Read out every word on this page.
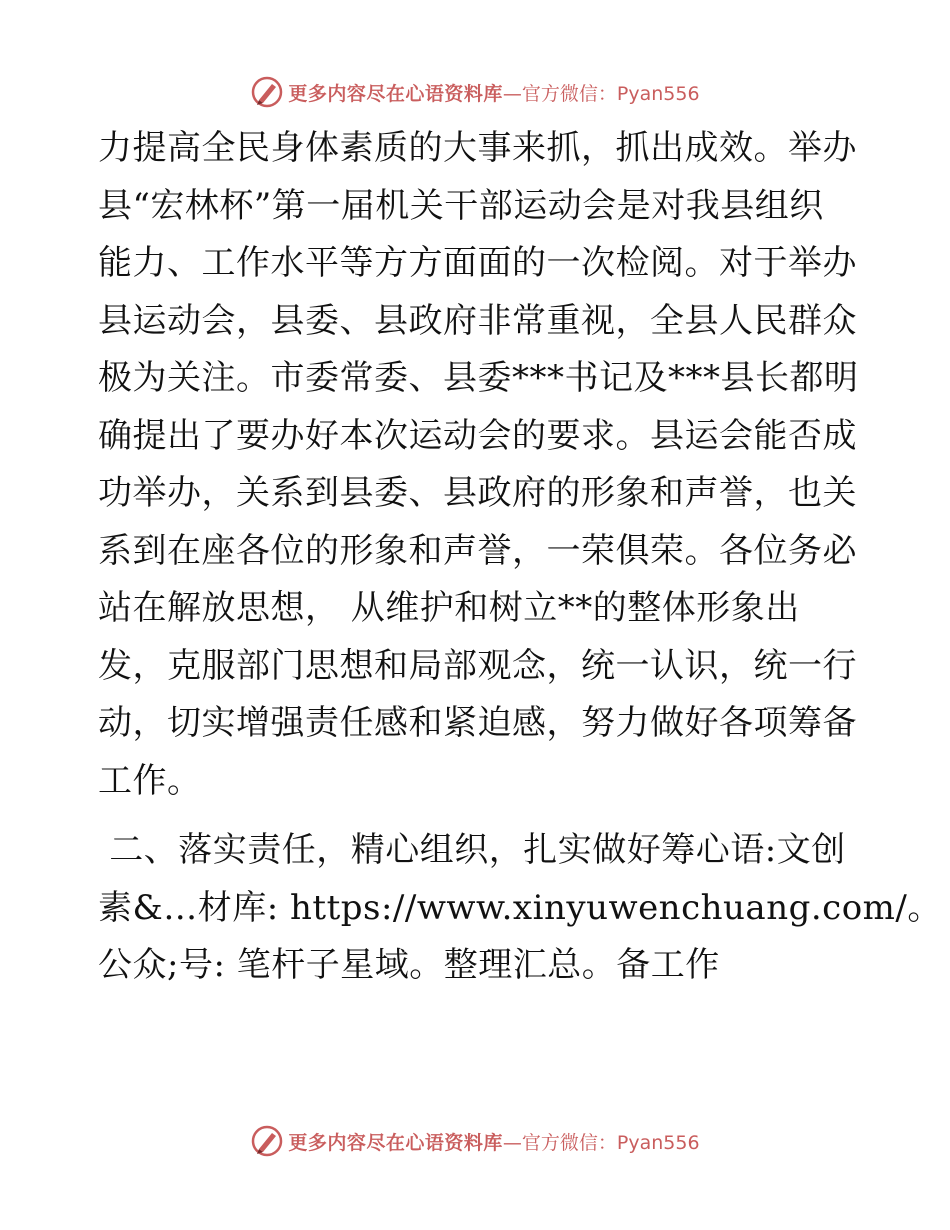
更多内容尽在心语资料库 —官方微信：Pyan556
力提高全民身体素质的大事来抓，抓出成效。举办
县“宏林杯”第一届机关干部运动会是对我县组织
能力、工作水平等方方面面的一次检阅。对于举办
县运动会，县委、县政府非常重视，全县人民群众
极为关注。市委常委、县委***书记及***县长都明
确提出了要办好本次运动会的要求。县运会能否成
功举办，关系到县委、县政府的形象和声誉，也关
系到在座各位的形象和声誉，一荣俱荣。各位务必
站在解放思想， 从维护和树立**的整体形象出
发，克服部门思想和局部观念，统一认识，统一行
动，切实增强责任感和紧迫感，努力做好各项筹备
工作。
二、落实责任，精心组织，扎实做好筹心语:文创
素&…材库: https://www.xinyuwenchuang.com/。
公众;号: 笔杆子星域。整理汇总。备工作
更多内容尽在心语资料库 —官方微信：Pyan556
